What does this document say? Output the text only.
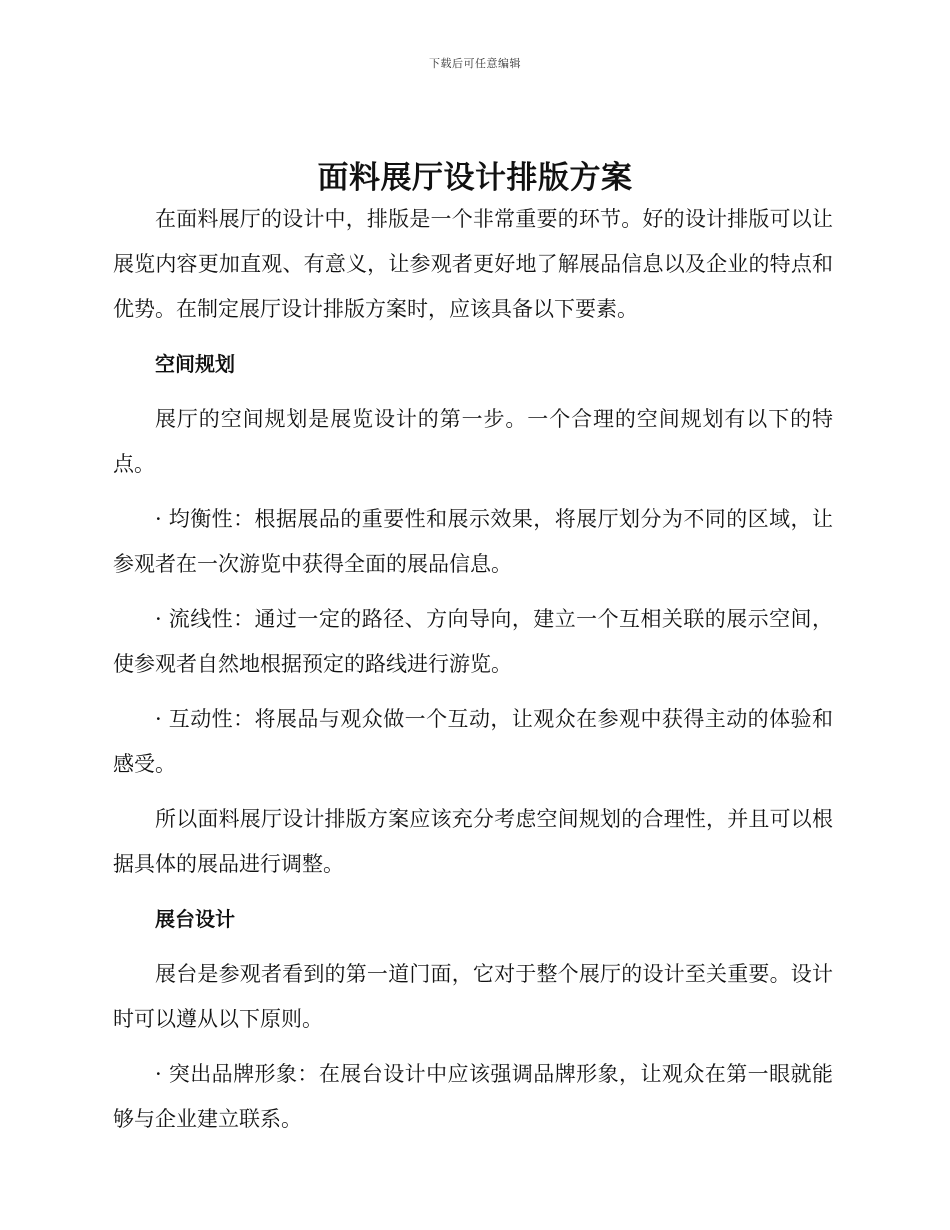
下载后可任意编辑
面料展厅设计排版方案

在面料展厅的设计中，排版是一个非常重要的环节。好的设计排版可以让展览内容更加直观、有意义，让参观者更好地了解展品信息以及企业的特点和优势。在制定展厅设计排版方案时，应该具备以下要素。

空间规划

展厅的空间规划是展览设计的第一步。一个合理的空间规划有以下的特点。

· 均衡性：根据展品的重要性和展示效果，将展厅划分为不同的区域，让参观者在一次游览中获得全面的展品信息。

· 流线性：通过一定的路径、方向导向，建立一个互相关联的展示空间，使参观者自然地根据预定的路线进行游览。

· 互动性：将展品与观众做一个互动，让观众在参观中获得主动的体验和感受。

所以面料展厅设计排版方案应该充分考虑空间规划的合理性，并且可以根据具体的展品进行调整。

展台设计

展台是参观者看到的第一道门面，它对于整个展厅的设计至关重要。设计时可以遵从以下原则。

· 突出品牌形象：在展台设计中应该强调品牌形象，让观众在第一眼就能够与企业建立联系。
